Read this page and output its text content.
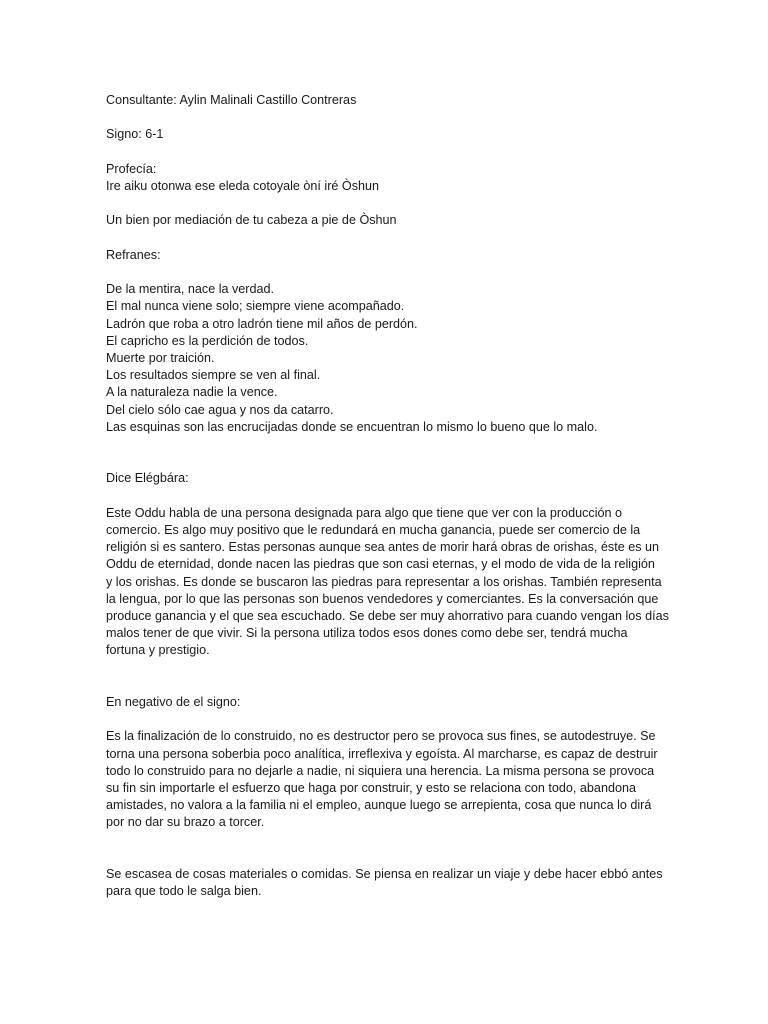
Consultante: Aylin Malinali Castillo Contreras

Signo: 6-1

Profecía:
Ire aiku otonwa ese eleda cotoyale òní iré Òshun

Un bien por mediación de tu cabeza a pie de Òshun

Refranes:

De la mentira, nace la verdad.
El mal nunca viene solo; siempre viene acompañado.
Ladrón que roba a otro ladrón tiene mil años de perdón.
El capricho es la perdición de todos.
Muerte por traición.
Los resultados siempre se ven al final.
A la naturaleza nadie la vence.
Del cielo sólo cae agua y nos da catarro.
Las esquinas son las encrucijadas donde se encuentran lo mismo lo bueno que lo malo.

Dice Elégbára:

Este Oddu habla de una persona designada para algo que tiene que ver con la producción o
comercio. Es algo muy positivo que le redundará en mucha ganancia, puede ser comercio de la
religión si es santero. Estas personas aunque sea antes de morir hará obras de orishas, éste es un
Oddu de eternidad, donde nacen las piedras que son casi eternas, y el modo de vida de la religión
y los orishas. Es donde se buscaron las piedras para representar a los orishas. También representa
la lengua, por lo que las personas son buenos vendedores y comerciantes. Es la conversación que
produce ganancia y el que sea escuchado. Se debe ser muy ahorrativo para cuando vengan los días
malos tener de que vivir. Si la persona utiliza todos esos dones como debe ser, tendrá mucha
fortuna y prestigio.

En negativo de el signo:

Es la finalización de lo construido, no es destructor pero se provoca sus fines, se autodestruye. Se
torna una persona soberbia poco analítica, irreflexiva y egoísta. Al marcharse, es capaz de destruir
todo lo construido para no dejarle a nadie, ni siquiera una herencia. La misma persona se provoca
su fin sin importarle el esfuerzo que haga por construir, y esto se relaciona con todo, abandona
amistades, no valora a la familia ni el empleo, aunque luego se arrepienta, cosa que nunca lo dirá
por no dar su brazo a torcer.

Se escasea de cosas materiales o comidas. Se piensa en realizar un viaje y debe hacer ebbó antes
para que todo le salga bien.
